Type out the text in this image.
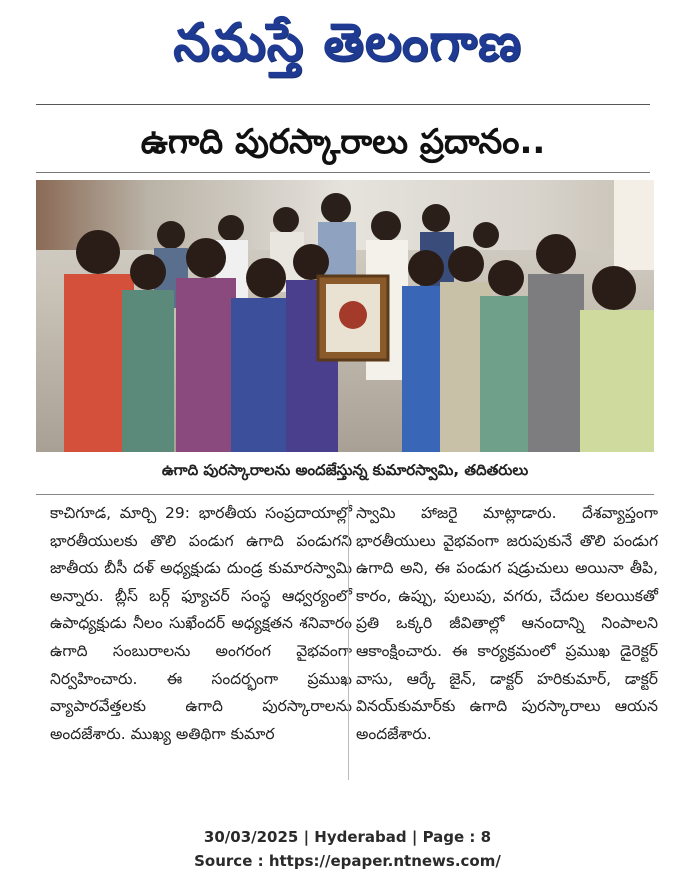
నమస్తే తెలంగాణ
ఉగాది పురస్కారాలు ప్రదానం..
ఉగాది పురస్కారాలను అందజేస్తున్న కుమారస్వామి, తదితరులు

కాచిగూడ, మార్చి 29: భారతీయ సంప్రదాయాల్లో భారతీయులకు తొలి పండుగ ఉగాది పండుగని జాతీయ బీసీ దళ్ అధ్యక్షుడు దుండ్ర కుమారస్వామి అన్నారు. బ్లీస్ బర్గ్ ఫ్యూచర్ సంస్థ ఆధ్వర్యంలో ఉపాధ్యక్షుడు నీలం సుఖేందర్ అధ్యక్షతన శనివారం ఉగాది సంబురాలను అంగరంగ వైభవంగా నిర్వహించారు. ఈ సందర్భంగా ప్రముఖ వ్యాపారవేత్తలకు ఉగాది పురస్కారాలను అందజేశారు. ముఖ్య అతిథిగా కుమార

స్వామి హాజరై మాట్లాడారు. దేశవ్యాప్తంగా భారతీయులు వైభవంగా జరుపుకునే తొలి పండుగ ఉగాది అని, ఈ పండుగ షడ్రుచులు అయినా తీపి, కారం, ఉప్పు, పులుపు, వగరు, చేదుల కలయికతో ప్రతి ఒక్కరి జీవితాల్లో ఆనందాన్ని నింపాలని ఆకాంక్షించారు. ఈ కార్యక్రమంలో ప్రముఖ డైరెక్టర్ వాసు, ఆర్కే జైన్, డాక్టర్ హరికుమార్, డాక్టర్ వినయ్‌కుమార్‌కు ఉగాది పురస్కారాలు ఆయన అందజేశారు.

30/03/2025 | Hyderabad | Page : 8
Source : https://epaper.ntnews.com/
